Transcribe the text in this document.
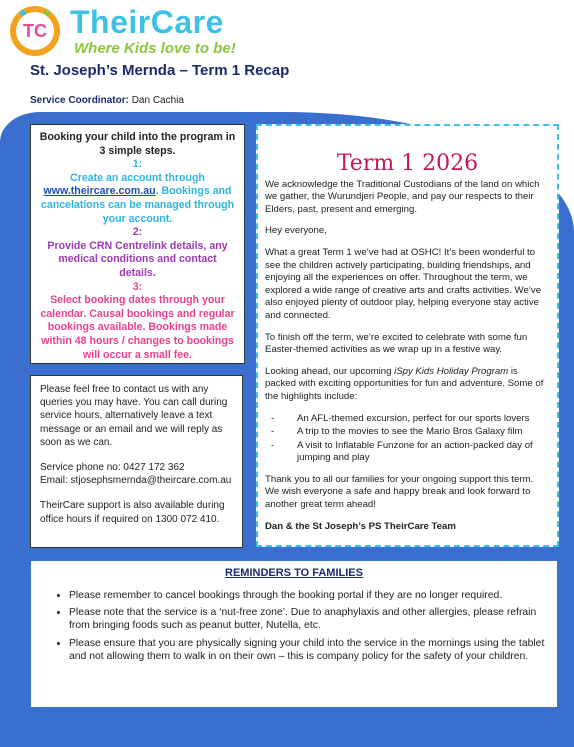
TC TheirCare
Where Kids love to be!
St. Joseph’s Mernda – Term 1 Recap
Service Coordinator: Dan Cachia
Booking your child into the program in 3 simple steps.
1:
Create an account through www.theircare.com.au. Bookings and cancelations can be managed through your account.
2:
Provide CRN Centrelink details, any medical conditions and contact details.
3:
Select booking dates through your calendar. Causal bookings and regular bookings available. Bookings made within 48 hours / changes to bookings will occur a small fee.

Please feel free to contact us with any queries you may have. You can call during service hours, alternatively leave a text message or an email and we will reply as soon as we can.

Service phone no: 0427 172 362
Email: stjosephsmernda@theircare.com.au

TheirCare support is also available during office hours if required on 1300 072 410.

Term 1 2026

We acknowledge the Traditional Custodians of the land on which we gather, the Wurundjeri People, and pay our respects to their Elders, past, present and emerging.

Hey everyone,

What a great Term 1 we’ve had at OSHC! It’s been wonderful to see the children actively participating, building friendships, and enjoying all the experiences on offer. Throughout the term, we explored a wide range of creative arts and crafts activities. We’ve also enjoyed plenty of outdoor play, helping everyone stay active and connected.

To finish off the term, we’re excited to celebrate with some fun Easter-themed activities as we wrap up in a festive way.

Looking ahead, our upcoming iSpy Kids Holiday Program is packed with exciting opportunities for fun and adventure. Some of the highlights include:

- An AFL-themed excursion, perfect for our sports lovers
- A trip to the movies to see the Mario Bros Galaxy film
- A visit to Inflatable Funzone for an action-packed day of jumping and play

Thank you to all our families for your ongoing support this term. We wish everyone a safe and happy break and look forward to another great term ahead!

Dan & the St Joseph’s PS TheirCare Team

REMINDERS TO FAMILIES
• Please remember to cancel bookings through the booking portal if they are no longer required.
• Please note that the service is a ‘nut-free zone’. Due to anaphylaxis and other allergies, please refrain from bringing foods such as peanut butter, Nutella, etc.
• Please ensure that you are physically signing your child into the service in the mornings using the tablet and not allowing them to walk in on their own – this is company policy for the safety of your children.
